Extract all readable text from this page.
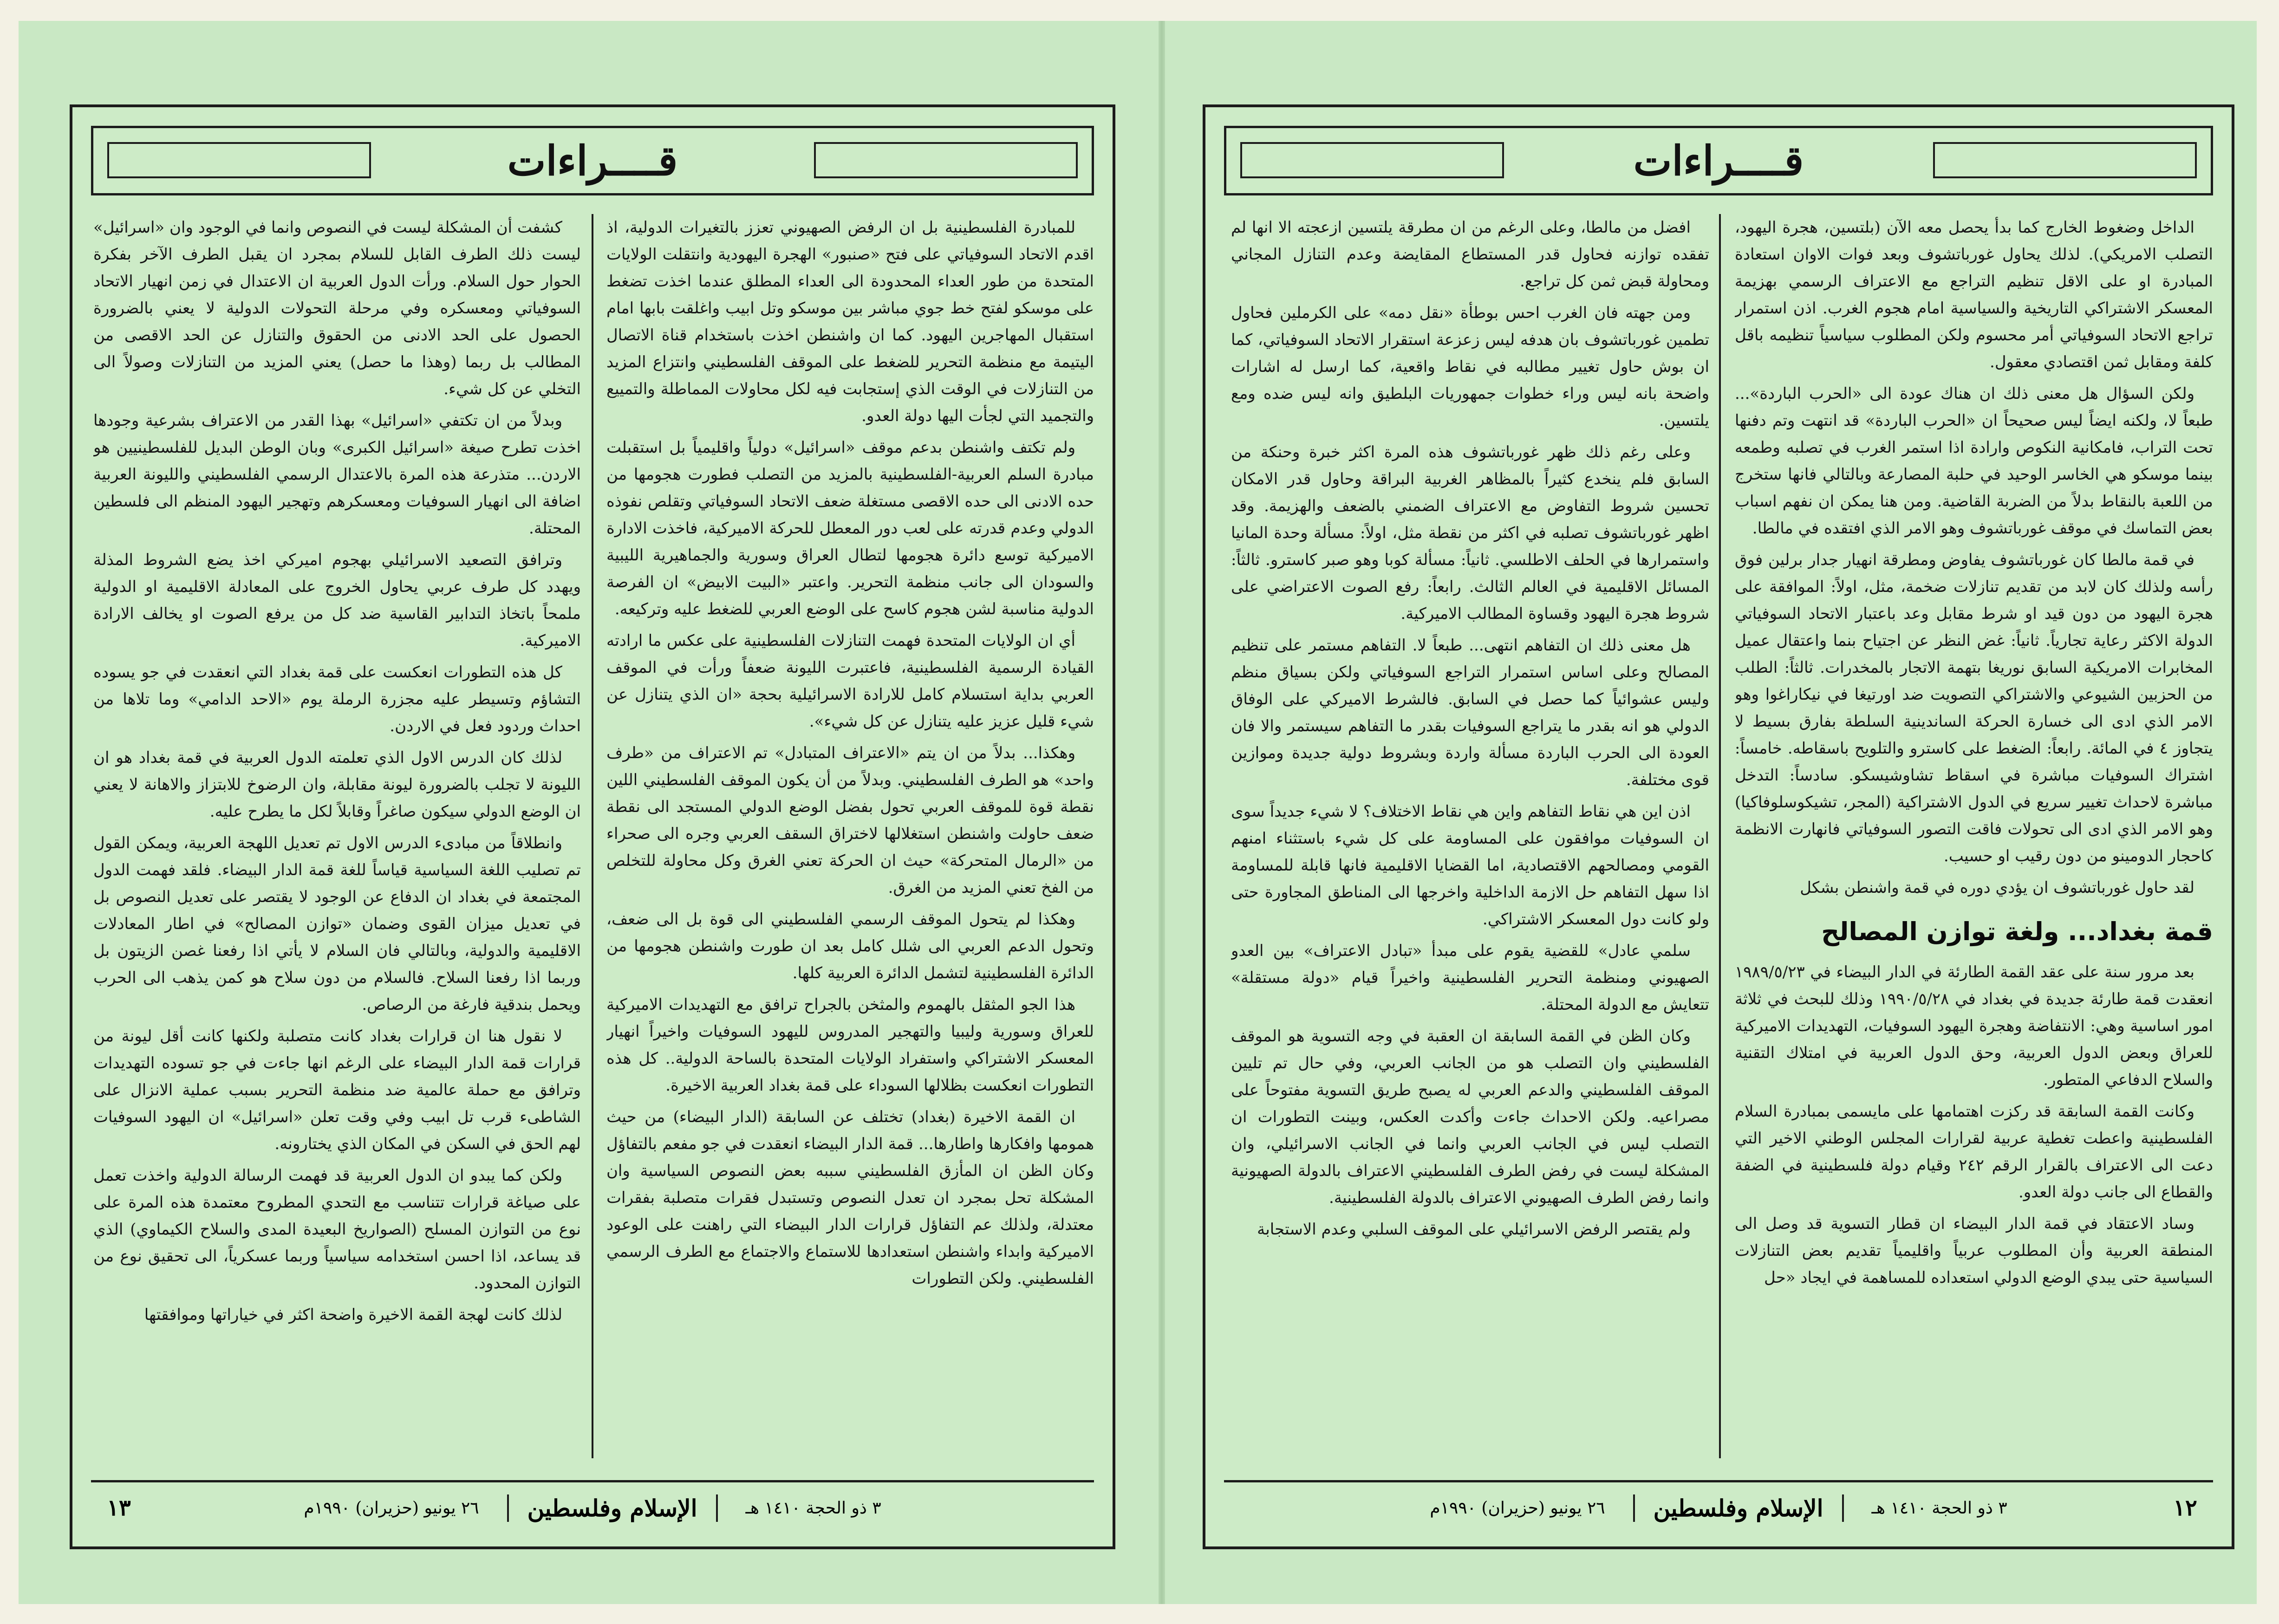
قــــراءات

الداخل وضغوط الخارج كما بدأ يحصل معه الآن (بلتسين، هجرة اليهود، التصلب الامريكي). لذلك يحاول غورباتشوف وبعد فوات الاوان استعادة المبادرة او على الاقل تنظيم التراجع مع الاعتراف الرسمي بهزيمة المعسكر الاشتراكي التاريخية والسياسية امام هجوم الغرب. اذن استمرار تراجع الاتحاد السوفياتي أمر محسوم ولكن المطلوب سياسياً تنظيمه باقل كلفة ومقابل ثمن اقتصادي معقول.

ولكن السؤال هل معنى ذلك ان هناك عودة الى «الحرب الباردة»... طبعاً لا، ولكنه ايضاً ليس صحيحاً ان «الحرب الباردة» قد انتهت وتم دفنها تحت التراب، فامكانية النكوص وارادة اذا استمر الغرب في تصلبه وطمعه بينما موسكو هي الخاسر الوحيد في حلبة المصارعة وبالتالي فانها ستخرج من اللعبة بالنقاط بدلاً من الضربة القاضية. ومن هنا يمكن ان نفهم اسباب بعض التماسك في موقف غورباتشوف وهو الامر الذي افتقده في مالطا.

في قمة مالطا كان غورباتشوف يفاوض ومطرقة انهيار جدار برلين فوق رأسه ولذلك كان لابد من تقديم تنازلات ضخمة، مثل، اولاً: الموافقة على هجرة اليهود من دون قيد او شرط مقابل وعد باعتبار الاتحاد السوفياتي الدولة الاكثر رعاية تجارياً. ثانياً: غض النظر عن اجتياح بنما واعتقال عميل المخابرات الامريكية السابق نوريغا بتهمة الاتجار بالمخدرات. ثالثاً: الطلب من الحزبين الشيوعي والاشتراكي التصويت ضد اورتيغا في نيكاراغوا وهو الامر الذي ادى الى خسارة الحركة الساندينية السلطة بفارق بسيط لا يتجاوز ٤ في المائة. رابعاً: الضغط على كاسترو والتلويح باسقاطه. خامساً: اشتراك السوفيات مباشرة في اسقاط تشاوشيسكو. سادساً: التدخل مباشرة لاحداث تغيير سريع في الدول الاشتراكية (المجر، تشيكوسلوفاكيا) وهو الامر الذي ادى الى تحولات فاقت التصور السوفياتي فانهارت الانظمة كاحجار الدومينو من دون رقيب او حسيب.

لقد حاول غورباتشوف ان يؤدي دوره في قمة واشنطن بشكل

قمة بغداد... ولغة توازن المصالح

بعد مرور سنة على عقد القمة الطارئة في الدار البيضاء في ١٩٨٩/٥/٢٣ انعقدت قمة طارئة جديدة في بغداد في ١٩٩٠/٥/٢٨ وذلك للبحث في ثلاثة امور اساسية وهي: الانتفاضة وهجرة اليهود السوفيات، التهديدات الاميركية للعراق وبعض الدول العربية، وحق الدول العربية في امتلاك التقنية والسلاح الدفاعي المتطور.

وكانت القمة السابقة قد ركزت اهتمامها على مايسمى بمبادرة السلام الفلسطينية واعطت تغطية عربية لقرارات المجلس الوطني الاخير التي دعت الى الاعتراف بالقرار الرقم ٢٤٢ وقيام دولة فلسطينية في الضفة والقطاع الى جانب دولة العدو.

وساد الاعتقاد في قمة الدار البيضاء ان قطار التسوية قد وصل الى المنطقة العربية وأن المطلوب عربياً واقليمياً تقديم بعض التنازلات السياسية حتى يبدي الوضع الدولي استعداده للمساهمة في ايجاد «حل

افضل من مالطا، وعلى الرغم من ان مطرقة يلتسين ازعجته الا انها لم تفقده توازنه فحاول قدر المستطاع المقايضة وعدم التنازل المجاني ومحاولة قبض ثمن كل تراجع.

ومن جهته فان الغرب احس بوطأة «نقل دمه» على الكرملين فحاول تطمين غورباتشوف بان هدفه ليس زعزعة استقرار الاتحاد السوفياتي، كما ان بوش حاول تغيير مطالبه في نقاط واقعية، كما ارسل له اشارات واضحة بانه ليس وراء خطوات جمهوريات البلطيق وانه ليس ضده ومع يلتسين.

وعلى رغم ذلك ظهر غورباتشوف هذه المرة اكثر خبرة وحنكة من السابق فلم ينخدع كثيراً بالمظاهر الغربية البراقة وحاول قدر الامكان تحسين شروط التفاوض مع الاعتراف الضمني بالضعف والهزيمة. وقد اظهر غورباتشوف تصلبه في اكثر من نقطة مثل، اولاً: مسألة وحدة المانيا واستمرارها في الحلف الاطلسي. ثانياً: مسألة كوبا وهو صبر كاسترو. ثالثاً: المسائل الاقليمية في العالم الثالث. رابعاً: رفع الصوت الاعتراضي على شروط هجرة اليهود وقساوة المطالب الاميركية.

هل معنى ذلك ان التفاهم انتهى... طبعاً لا. التفاهم مستمر على تنظيم المصالح وعلى اساس استمرار التراجع السوفياتي ولكن بسياق منظم وليس عشوائياً كما حصل في السابق. فالشرط الاميركي على الوفاق الدولي هو انه بقدر ما يتراجع السوفيات بقدر ما التفاهم سيستمر والا فان العودة الى الحرب الباردة مسألة واردة وبشروط دولية جديدة وموازين قوى مختلفة.

اذن اين هي نقاط التفاهم واين هي نقاط الاختلاف؟ لا شيء جديداً سوى ان السوفيات موافقون على المساومة على كل شيء باستثناء امنهم القومي ومصالحهم الاقتصادية، اما القضايا الاقليمية فانها قابلة للمساومة اذا سهل التفاهم حل الازمة الداخلية واخرجها الى المناطق المجاورة حتى ولو كانت دول المعسكر الاشتراكي.

سلمي عادل» للقضية يقوم على مبدأ «تبادل الاعتراف» بين العدو الصهيوني ومنظمة التحرير الفلسطينية واخيراً قيام «دولة مستقلة» تتعايش مع الدولة المحتلة.

وكان الظن في القمة السابقة ان العقبة في وجه التسوية هو الموقف الفلسطيني وان التصلب هو من الجانب العربي، وفي حال تم تليين الموقف الفلسطيني والدعم العربي له يصبح طريق التسوية مفتوحاً على مصراعيه. ولكن الاحداث جاءت وأكدت العكس، وبينت التطورات ان التصلب ليس في الجانب العربي وانما في الجانب الاسرائيلي، وان المشكلة ليست في رفض الطرف الفلسطيني الاعتراف بالدولة الصهيونية وانما رفض الطرف الصهيوني الاعتراف بالدولة الفلسطينية.

ولم يقتصر الرفض الاسرائيلي على الموقف السلبي وعدم الاستجابة

١٢
٣ ذو الحجة ١٤١٠ هـ
الإسلام وفلسطين
٢٦ يونيو (حزيران) ١٩٩٠م
قــــراءات

للمبادرة الفلسطينية بل ان الرفض الصهيوني تعزز بالتغيرات الدولية، اذ اقدم الاتحاد السوفياتي على فتح «صنبور» الهجرة اليهودية وانتقلت الولايات المتحدة من طور العداء المحدودة الى العداء المطلق عندما اخذت تضغط على موسكو لفتح خط جوي مباشر بين موسكو وتل ابيب واغلقت بابها امام استقبال المهاجرين اليهود. كما ان واشنطن اخذت باستخدام قناة الاتصال اليتيمة مع منظمة التحرير للضغط على الموقف الفلسطيني وانتزاع المزيد من التنازلات في الوقت الذي إستجابت فيه لكل محاولات المماطلة والتمييع والتجميد التي لجأت اليها دولة العدو.

ولم تكتف واشنطن بدعم موقف «اسرائيل» دولياً واقليمياً بل استقبلت مبادرة السلم العربية-الفلسطينية بالمزيد من التصلب فطورت هجومها من حده الادنى الى حده الاقصى مستغلة ضعف الاتحاد السوفياتي وتقلص نفوذه الدولي وعدم قدرته على لعب دور المعطل للحركة الاميركية، فاخذت الادارة الاميركية توسع دائرة هجومها لتطال العراق وسورية والجماهيرية الليبية والسودان الى جانب منظمة التحرير. واعتبر «البيت الابيض» ان الفرصة الدولية مناسبة لشن هجوم كاسح على الوضع العربي للضغط عليه وتركيعه.

أي ان الولايات المتحدة فهمت التنازلات الفلسطينية على عكس ما ارادته القيادة الرسمية الفلسطينية، فاعتبرت الليونة ضعفاً ورأت في الموقف العربي بداية استسلام كامل للارادة الاسرائيلية بحجة «ان الذي يتنازل عن شيء قليل عزيز عليه يتنازل عن كل شيء».

وهكذا... بدلاً من ان يتم «الاعتراف المتبادل» تم الاعتراف من «طرف واحد» هو الطرف الفلسطيني. وبدلاً من أن يكون الموقف الفلسطيني اللين نقطة قوة للموقف العربي تحول بفضل الوضع الدولي المستجد الى نقطة ضعف حاولت واشنطن استغلالها لاختراق السقف العربي وجره الى صحراء من «الرمال المتحركة» حيث ان الحركة تعني الغرق وكل محاولة للتخلص من الفخ تعني المزيد من الغرق.

وهكذا لم يتحول الموقف الرسمي الفلسطيني الى قوة بل الى ضعف، وتحول الدعم العربي الى شلل كامل بعد ان طورت واشنطن هجومها من الدائرة الفلسطينية لتشمل الدائرة العربية كلها.

هذا الجو المثقل بالهموم والمثخن بالجراح ترافق مع التهديدات الاميركية للعراق وسورية وليبيا والتهجير المدروس لليهود السوفيات واخيراً انهيار المعسكر الاشتراكي واستفراد الولايات المتحدة بالساحة الدولية.. كل هذه التطورات انعكست بظلالها السوداء على قمة بغداد العربية الاخيرة.

ان القمة الاخيرة (بغداد) تختلف عن السابقة (الدار البيضاء) من حيث همومها وافكارها واطارها... قمة الدار البيضاء انعقدت في جو مفعم بالتفاؤل وكان الظن ان المأزق الفلسطيني سببه بعض النصوص السياسية وان المشكلة تحل بمجرد ان تعدل النصوص وتستبدل فقرات متصلبة بفقرات معتدلة، ولذلك عم التفاؤل قرارات الدار البيضاء التي راهنت على الوعود الاميركية وابداء واشنطن استعدادها للاستماع والاجتماع مع الطرف الرسمي الفلسطيني. ولكن التطورات

كشفت أن المشكلة ليست في النصوص وانما في الوجود وان «اسرائيل» ليست ذلك الطرف القابل للسلام بمجرد ان يقبل الطرف الآخر بفكرة الحوار حول السلام. ورأت الدول العربية ان الاعتدال في زمن انهيار الاتحاد السوفياتي ومعسكره وفي مرحلة التحولات الدولية لا يعني بالضرورة الحصول على الحد الادنى من الحقوق والتنازل عن الحد الاقصى من المطالب بل ربما (وهذا ما حصل) يعني المزيد من التنازلات وصولاً الى التخلي عن كل شيء.

وبدلاً من ان تكتفي «اسرائيل» بهذا القدر من الاعتراف بشرعية وجودها اخذت تطرح صيغة «اسرائيل الكبرى» وبان الوطن البديل للفلسطينيين هو الاردن... متذرعة هذه المرة بالاعتدال الرسمي الفلسطيني والليونة العربية اضافة الى انهيار السوفيات ومعسكرهم وتهجير اليهود المنظم الى فلسطين المحتلة.

وترافق التصعيد الاسرائيلي بهجوم اميركي اخذ يضع الشروط المذلة ويهدد كل طرف عربي يحاول الخروج على المعادلة الاقليمية او الدولية ملمحاً باتخاذ التدابير القاسية ضد كل من يرفع الصوت او يخالف الارادة الاميركية.

كل هذه التطورات انعكست على قمة بغداد التي انعقدت في جو يسوده التشاؤم وتسيطر عليه مجزرة الرملة يوم «الاحد الدامي» وما تلاها من احداث وردود فعل في الاردن.

لذلك كان الدرس الاول الذي تعلمته الدول العربية في قمة بغداد هو ان الليونة لا تجلب بالضرورة ليونة مقابلة، وان الرضوخ للابتزاز والاهانة لا يعني ان الوضع الدولي سيكون صاغراً وقابلاً لكل ما يطرح عليه.

وانطلاقاً من مبادىء الدرس الاول تم تعديل اللهجة العربية، ويمكن القول تم تصليب اللغة السياسية قياساً للغة قمة الدار البيضاء. فلقد فهمت الدول المجتمعة في بغداد ان الدفاع عن الوجود لا يقتصر على تعديل النصوص بل في تعديل ميزان القوى وضمان «توازن المصالح» في اطار المعادلات الاقليمية والدولية، وبالتالي فان السلام لا يأتي اذا رفعنا غصن الزيتون بل وربما اذا رفعنا السلاح. فالسلام من دون سلاح هو كمن يذهب الى الحرب ويحمل بندقية فارغة من الرصاص.

لا نقول هنا ان قرارات بغداد كانت متصلبة ولكنها كانت أقل ليونة من قرارات قمة الدار البيضاء على الرغم انها جاءت في جو تسوده التهديدات وترافق مع حملة عالمية ضد منظمة التحرير بسبب عملية الانزال على الشاطىء قرب تل ابيب وفي وقت تعلن «اسرائيل» ان اليهود السوفيات لهم الحق في السكن في المكان الذي يختارونه.

ولكن كما يبدو ان الدول العربية قد فهمت الرسالة الدولية واخذت تعمل على صياغة قرارات تتناسب مع التحدي المطروح معتمدة هذه المرة على نوع من التوازن المسلح (الصواريخ البعيدة المدى والسلاح الكيماوي) الذي قد يساعد، اذا احسن استخدامه سياسياً وربما عسكرياً، الى تحقيق نوع من التوازن المحدود.

لذلك كانت لهجة القمة الاخيرة واضحة اكثر في خياراتها وموافقتها

٣ ذو الحجة ١٤١٠ هـ
الإسلام وفلسطين
٢٦ يونيو (حزيران) ١٩٩٠م
١٣
